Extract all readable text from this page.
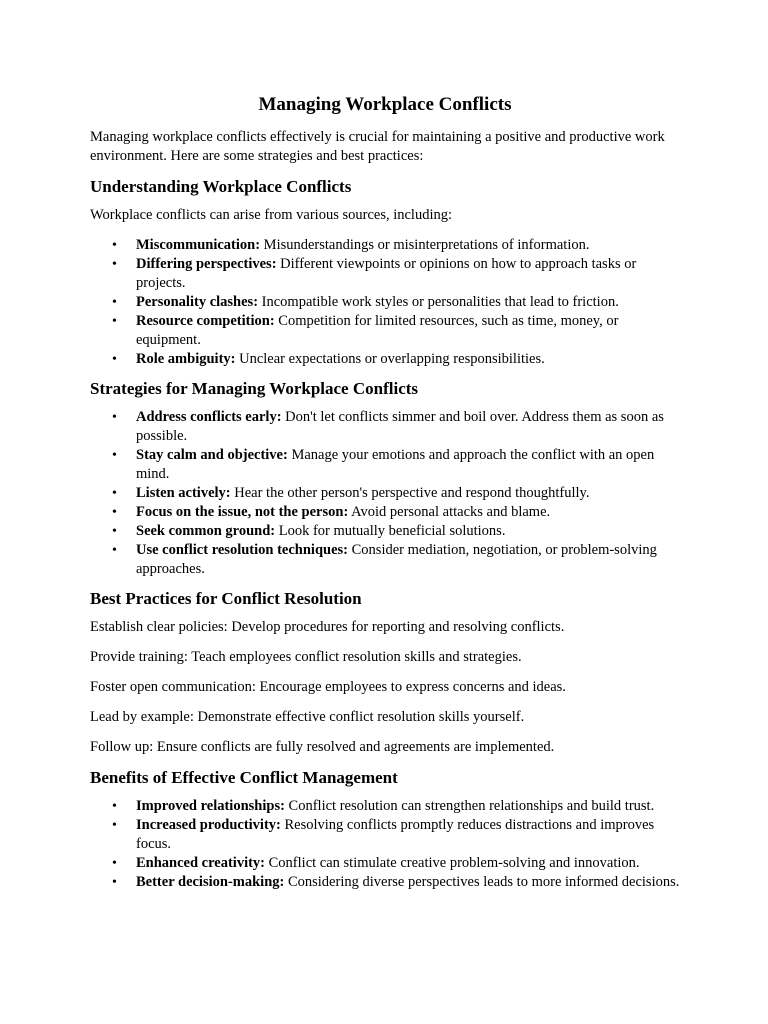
Managing Workplace Conflicts

Managing workplace conflicts effectively is crucial for maintaining a positive and productive work environment. Here are some strategies and best practices:

Understanding Workplace Conflicts

Workplace conflicts can arise from various sources, including:

• Miscommunication: Misunderstandings or misinterpretations of information.
• Differing perspectives: Different viewpoints or opinions on how to approach tasks or projects.
• Personality clashes: Incompatible work styles or personalities that lead to friction.
• Resource competition: Competition for limited resources, such as time, money, or equipment.
• Role ambiguity: Unclear expectations or overlapping responsibilities.
Strategies for Managing Workplace Conflicts
• Address conflicts early: Don't let conflicts simmer and boil over. Address them as soon as possible.
• Stay calm and objective: Manage your emotions and approach the conflict with an open mind.
• Listen actively: Hear the other person's perspective and respond thoughtfully.
• Focus on the issue, not the person: Avoid personal attacks and blame.
• Seek common ground: Look for mutually beneficial solutions.
• Use conflict resolution techniques: Consider mediation, negotiation, or problem-solving approaches.
Best Practices for Conflict Resolution

Establish clear policies: Develop procedures for reporting and resolving conflicts.

Provide training: Teach employees conflict resolution skills and strategies.

Foster open communication: Encourage employees to express concerns and ideas.

Lead by example: Demonstrate effective conflict resolution skills yourself.

Follow up: Ensure conflicts are fully resolved and agreements are implemented.

Benefits of Effective Conflict Management
• Improved relationships: Conflict resolution can strengthen relationships and build trust.
• Increased productivity: Resolving conflicts promptly reduces distractions and improves focus.
• Enhanced creativity: Conflict can stimulate creative problem-solving and innovation.
• Better decision-making: Considering diverse perspectives leads to more informed decisions.
